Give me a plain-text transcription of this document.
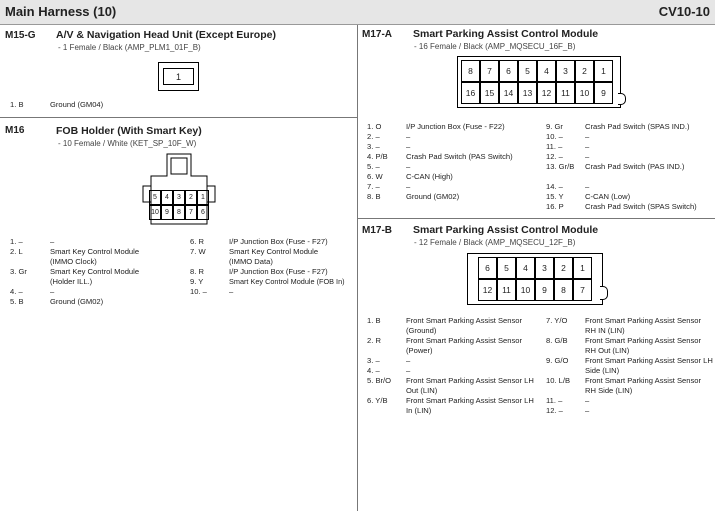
Main Harness (10)	CV10-10
M15-G A/V & Navigation Head Unit (Except Europe)
- 1 Female / Black (AMP_PLM1_01F_B)
1
1. B	Ground (GM04)
M16	FOB Holder (With Smart Key)
- 10 Female / White (KET_SP_10F_W)
5	4	3	2	1
10 9	8	7	6
1. –	–
2. L	Smart Key Control Module (IMMO Clock)
3. Gr	Smart Key Control Module (Holder ILL.)
4. –	–
5. B	Ground (GM02)
6. R	I/P Junction Box (Fuse - F27)
7. W	Smart Key Control Module (IMMO Data)
8. R	I/P Junction Box (Fuse - F27)
9. Y	Smart Key Control Module (FOB In)
10. –	–
M17-A Smart Parking Assist Control Module
- 16 Female / Black (AMP_MQSECU_16F_B)
8	7	6	5	4	3	2	1
16	15	14	13	12	11	10	9
1. O	I/P Junction Box (Fuse - F22)
2. –	–
3. –	–
4. P/B Crash Pad Switch (PAS Switch)
5. –	–
6. W	C-CAN (High)
7. –	–
8. B	Ground (GM02)
9. Gr	Crash Pad Switch (SPAS IND.)
10. –	–
11. –	–
12. –	–
13. Gr/B Crash Pad Switch (PAS IND.)
14. –	–
15. Y	C-CAN (Low)
16. P	Crash Pad Switch (SPAS Switch)
M17-B Smart Parking Assist Control Module
- 12 Female / Black (AMP_MQSECU_12F_B)
6	5	4	3	2	1
12	11	10	9	8	7
1. B	Front Smart Parking Assist Sensor (Ground)
2. R	Front Smart Parking Assist Sensor (Power)
3. –	–
4. –	–
5. Br/O Front Smart Parking Assist Sensor LH Out (LIN)
6. Y/B Front Smart Parking Assist Sensor LH In (LIN)
7. Y/O Front Smart Parking Assist Sensor RH IN (LIN)
8. G/B Front Smart Parking Assist Sensor RH Out (LIN)
9. G/O Front Smart Parking Assist Sensor LH Side (LIN)
10. L/B Front Smart Parking Assist Sensor RH Side (LIN)
11. –	–
12. –	–
